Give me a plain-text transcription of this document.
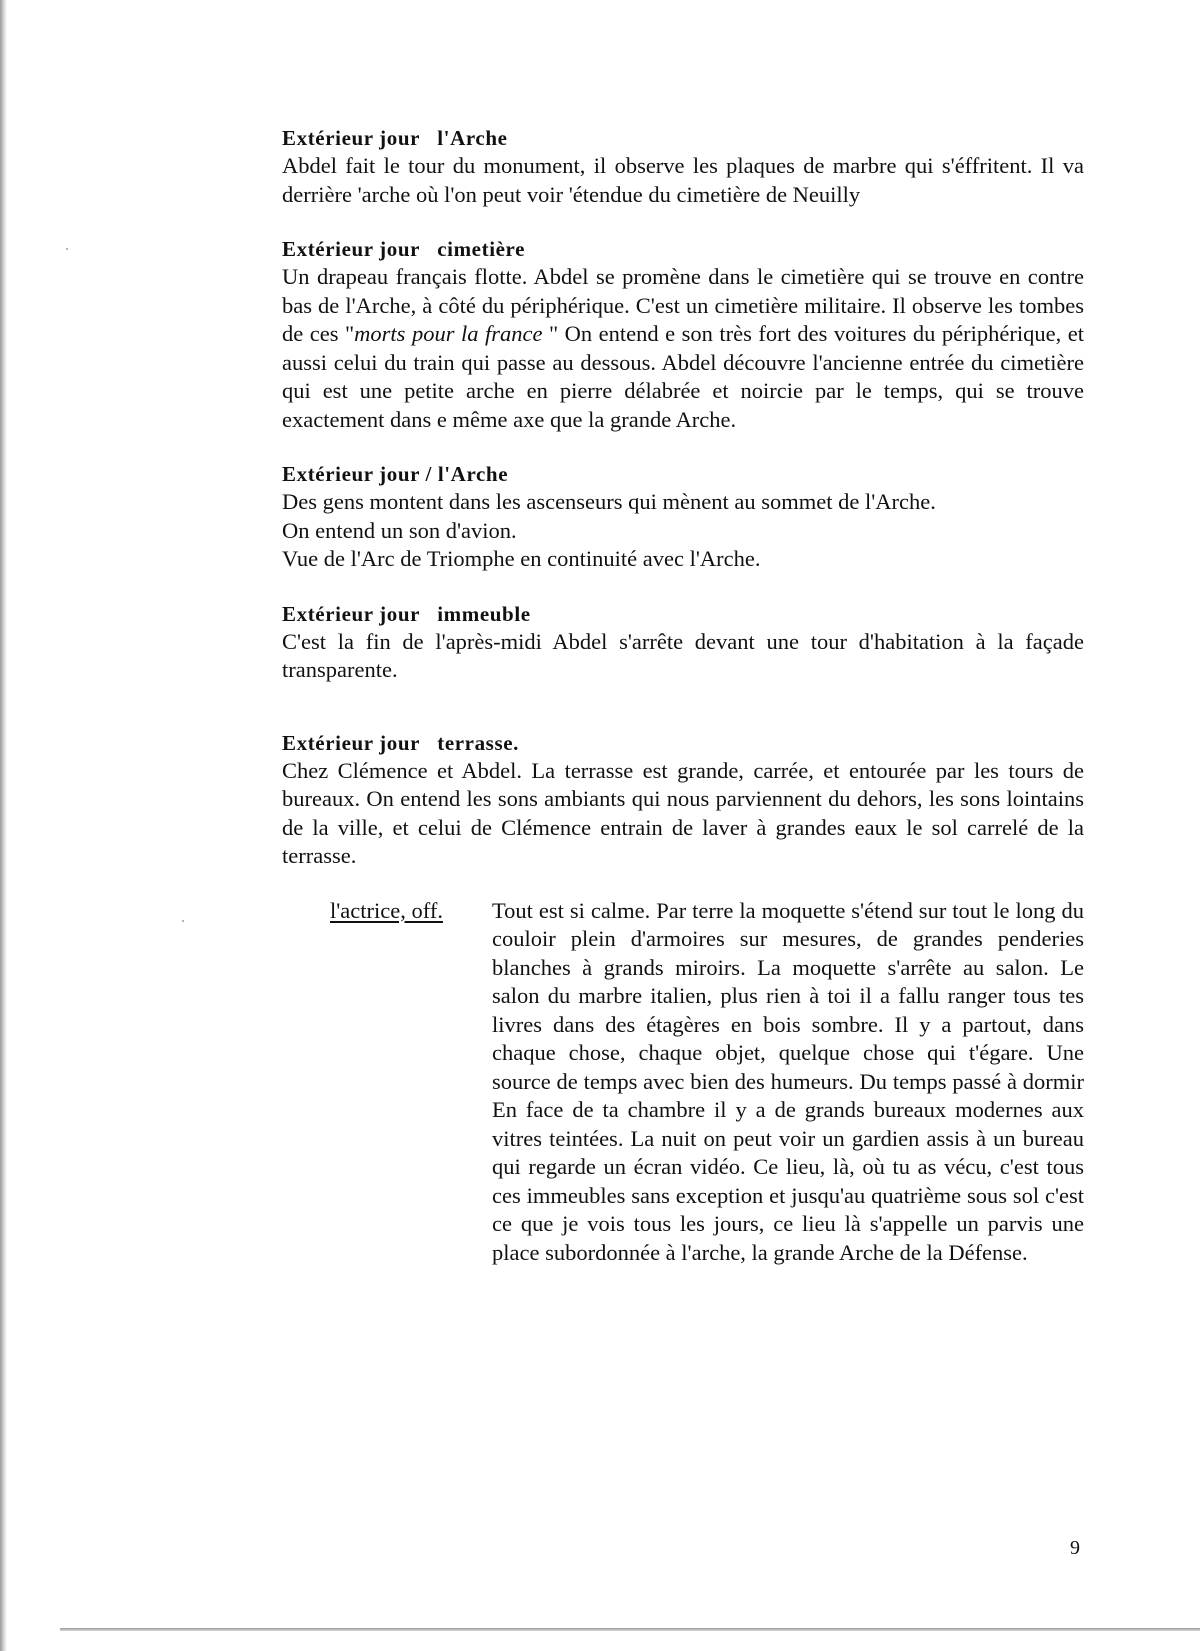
Extérieur jour   l'Arche

Abdel fait le tour du monument, il observe les plaques de marbre qui s'éffritent. Il va derrière 'arche où l'on peut voir 'étendue du cimetière de Neuilly

Extérieur jour   cimetière

Un drapeau français flotte. Abdel se promène dans le cimetière qui se trouve en contre bas de l'Arche, à côté du périphérique. C'est un cimetière militaire. Il observe les tombes de ces "morts pour la france " On entend e son très fort des voitures du périphérique, et aussi celui du train qui passe au dessous. Abdel découvre l'ancienne entrée du cimetière qui est une petite arche en pierre délabrée et noircie par le temps, qui se trouve exactement dans e même axe que la grande Arche.

Extérieur jour / l'Arche

Des gens montent dans les ascenseurs qui mènent au sommet de l'Arche.
On entend un son d'avion.
Vue de l'Arc de Triomphe en continuité avec l'Arche.

Extérieur jour   immeuble

C'est la fin de l'après-midi Abdel s'arrête devant une tour d'habitation à la façade transparente.

Extérieur jour   terrasse.

Chez Clémence et Abdel. La terrasse est grande, carrée, et entourée par les tours de bureaux. On entend les sons ambiants qui nous parviennent du dehors, les sons lointains de la ville, et celui de Clémence entrain de laver à grandes eaux le sol carrelé de la terrasse.

l'actrice, off. Tout est si calme. Par terre la moquette s'étend sur tout le long du couloir plein d'armoires sur mesures, de grandes penderies blanches à grands miroirs. La moquette s'arrête au salon. Le salon du marbre italien, plus rien à toi il a fallu ranger tous tes livres dans des étagères en bois sombre. Il y a partout, dans chaque chose, chaque objet, quelque chose qui t'égare. Une source de temps avec bien des humeurs. Du temps passé à dormir En face de ta chambre il y a de grands bureaux modernes aux vitres teintées. La nuit on peut voir un gardien assis à un bureau qui regarde un écran vidéo. Ce lieu, là, où tu as vécu, c'est tous ces immeubles sans exception et jusqu'au quatrième sous sol c'est ce que je vois tous les jours, ce lieu là s'appelle un parvis une place subordonnée à l'arche, la grande Arche de la Défense.

9
